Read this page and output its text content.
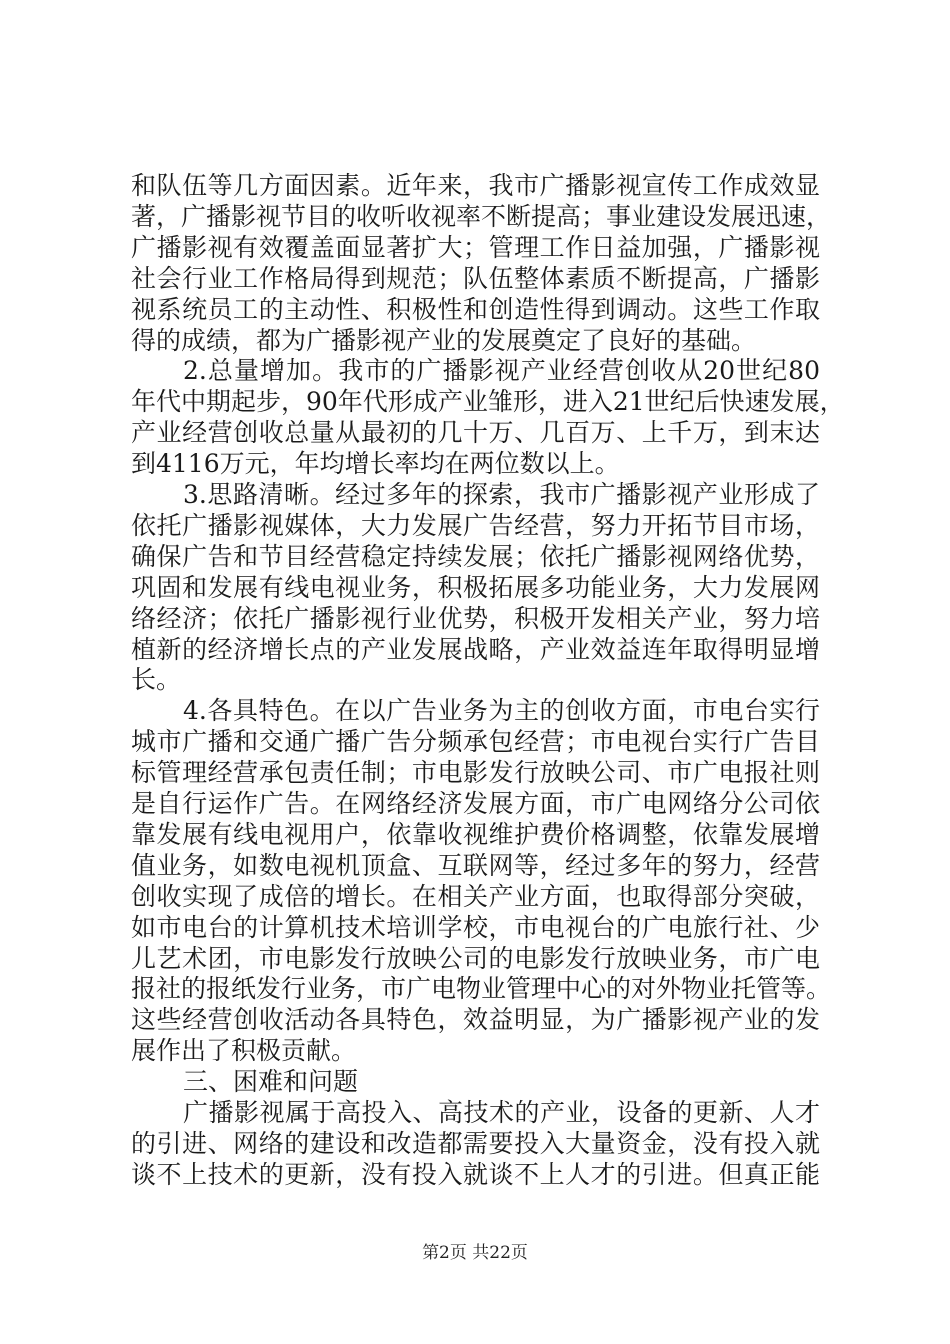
和队伍等几方面因素。近年来，我市广播影视宣传工作成效显
著，广播影视节目的收听收视率不断提高；事业建设发展迅速，
广播影视有效覆盖面显著扩大；管理工作日益加强，广播影视
社会行业工作格局得到规范；队伍整体素质不断提高，广播影
视系统员工的主动性、积极性和创造性得到调动。这些工作取
得的成绩，都为广播影视产业的发展奠定了良好的基础。
2.总量增加。我市的广播影视产业经营创收从20世纪80
年代中期起步，90年代形成产业雏形，进入21世纪后快速发展，
产业经营创收总量从最初的几十万、几百万、上千万，到末达
到4116万元，年均增长率均在两位数以上。
3.思路清晰。经过多年的探索，我市广播影视产业形成了
依托广播影视媒体，大力发展广告经营，努力开拓节目市场，
确保广告和节目经营稳定持续发展；依托广播影视网络优势，
巩固和发展有线电视业务，积极拓展多功能业务，大力发展网
络经济；依托广播影视行业优势，积极开发相关产业，努力培
植新的经济增长点的产业发展战略，产业效益连年取得明显增
长。
4.各具特色。在以广告业务为主的创收方面，市电台实行
城市广播和交通广播广告分频承包经营；市电视台实行广告目
标管理经营承包责任制；市电影发行放映公司、市广电报社则
是自行运作广告。在网络经济发展方面，市广电网络分公司依
靠发展有线电视用户，依靠收视维护费价格调整，依靠发展增
值业务，如数电视机顶盒、互联网等，经过多年的努力，经营
创收实现了成倍的增长。在相关产业方面，也取得部分突破，
如市电台的计算机技术培训学校，市电视台的广电旅行社、少
儿艺术团，市电影发行放映公司的电影发行放映业务，市广电
报社的报纸发行业务，市广电物业管理中心的对外物业托管等。
这些经营创收活动各具特色，效益明显，为广播影视产业的发
展作出了积极贡献。
三、困难和问题
广播影视属于高投入、高技术的产业，设备的更新、人才
第2页 共22页
的引进、网络的建设和改造都需要投入大量资金，没有投入就
谈不上技术的更新，没有投入就谈不上人才的引进。但真正能
